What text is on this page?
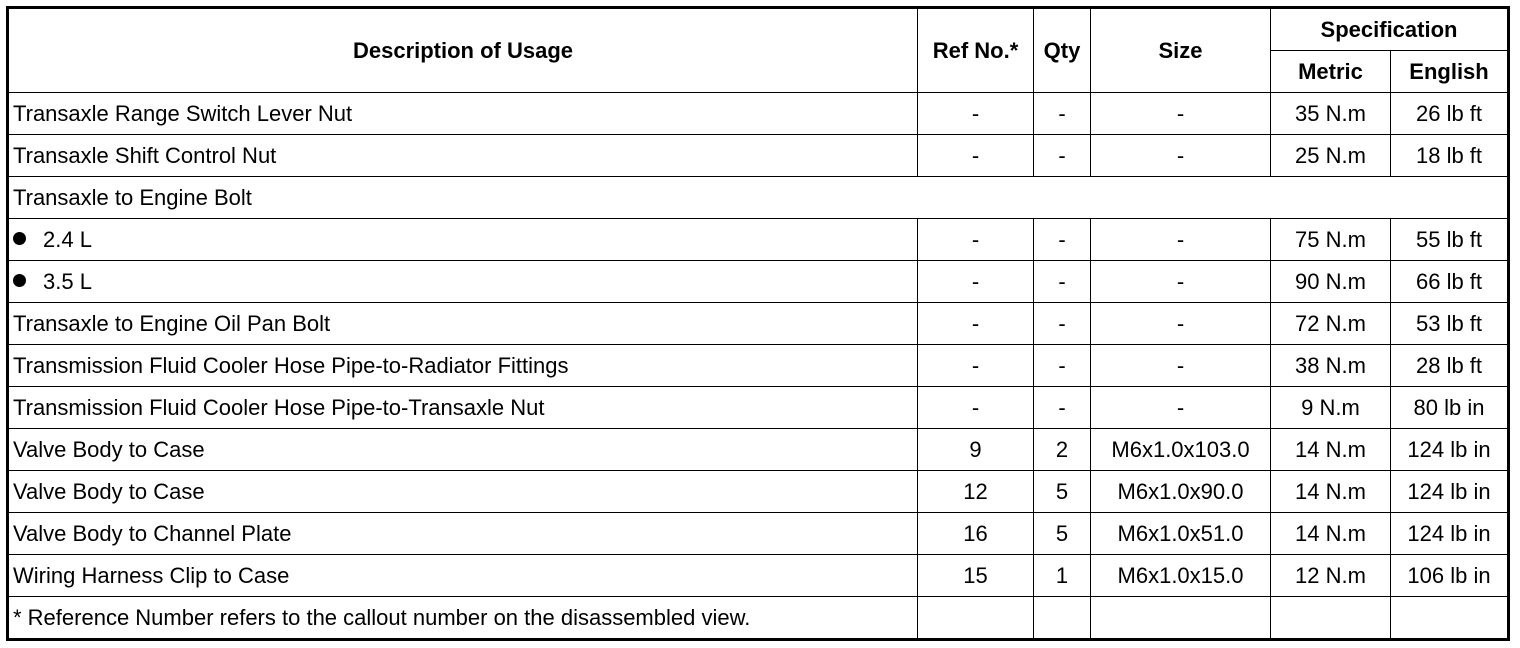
Description of Usage	Ref No.*	Qty	Size	Specification	
				Metric	English
Transaxle Range Switch Lever Nut	-	-	-	35 N.m	26 lb ft
Transaxle Shift Control Nut	-	-	-	25 N.m	18 lb ft
Transaxle to Engine Bolt					
2.4 L	-	-	-	75 N.m	55 lb ft
3.5 L	-	-	-	90 N.m	66 lb ft
Transaxle to Engine Oil Pan Bolt	-	-	-	72 N.m	53 lb ft
Transmission Fluid Cooler Hose Pipe-to-Radiator Fittings	-	-	-	38 N.m	28 lb ft
Transmission Fluid Cooler Hose Pipe-to-Transaxle Nut	-	-	-	9 N.m	80 lb in
Valve Body to Case	9	2	M6x1.0x103.0	14 N.m	124 lb in
Valve Body to Case	12	5	M6x1.0x90.0	14 N.m	124 lb in
Valve Body to Channel Plate	16	5	M6x1.0x51.0	14 N.m	124 lb in
Wiring Harness Clip to Case	15	1	M6x1.0x15.0	12 N.m	106 lb in
* Reference Number refers to the callout number on the disassembled view.					
